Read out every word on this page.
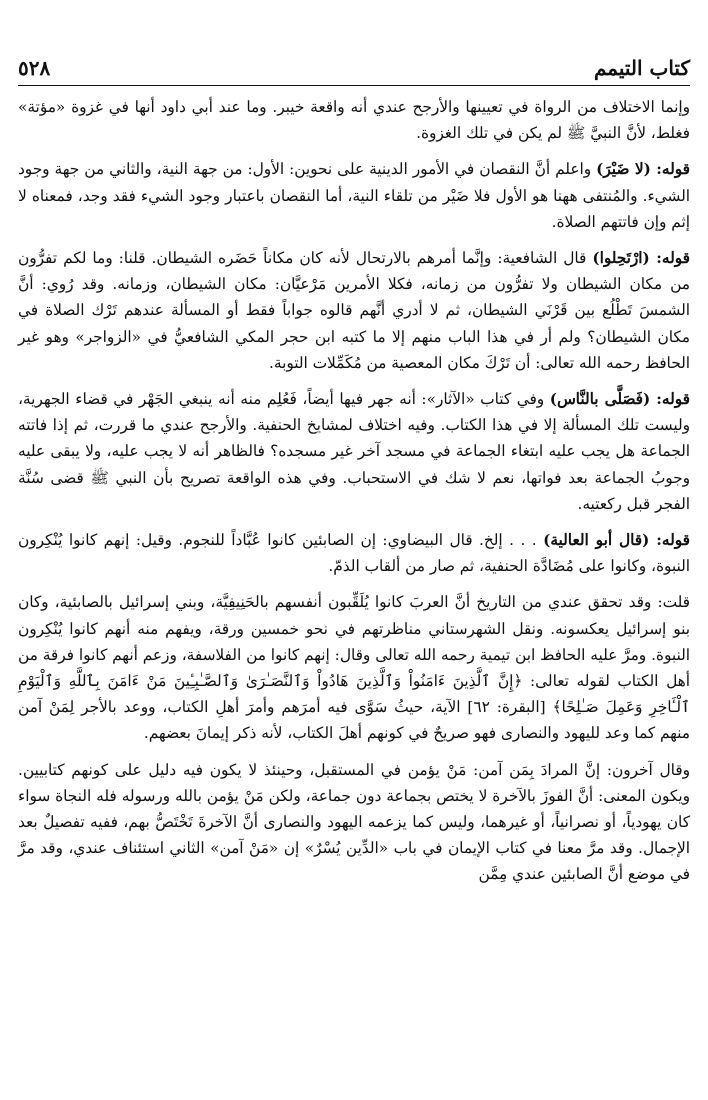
كتاب التيمم
٥٢٨

وإنما الاختلاف من الرواة في تعيينها والأرجح عندي أنه واقعة خيبر. وما عند أبي داود أنها في غزوة «مؤتة» فغلط، لأنَّ النبيَّ ﷺ لم يكن في تلك الغزوة.

قوله: (لا ضَيْرَ) واعلم أنَّ النقصان في الأمور الدينية على نحوين: الأول: من جهة النية، والثاني من جهة وجود الشيء. والمُنتفى ههنا هو الأول فلا ضَيْر من تلقاء النية، أما النقصان باعتبار وجود الشيء فقد وجد، فمعناه لا إثم وإن فاتتهم الصلاة.

قوله: (ارْتَحِلوا) قال الشافعية: وإنَّما أمرهم بالارتحال لأنه كان مكاناً حَضَره الشيطان. قلنا: وما لكم تفرُّون من مكان الشيطان ولا تفرُّون من زمانه، فكلا الأمرين مَرْعيَّان: مكان الشيطان، وزمانه. وقد رُوي: أنَّ الشمسَ تَطْلُع بين قَرْنَي الشيطان، ثم لا أدري أنَّهم قالوه جواباً فقط أو المسألة عندهم تَرْك الصلاة في مكان الشيطان؟ ولم أر في هذا الباب منهم إلا ما كتبه ابن حجر المكي الشافعيُّ في «الزواجر» وهو غير الحافظ رحمه الله تعالى: أن تَرْكَ مكان المعصية من مُكَمِّلات التوبة.

قوله: (فَصَلَّى بالنَّاس) وفي كتاب «الآثار»: أنه جهر فيها أيضاً، فَعُلِم منه أنه ينبغي الجَهْر في قضاء الجهرية، وليست تلك المسألة إلا في هذا الكتاب. وفيه اختلاف لمشايخ الحنفية. والأرجح عندي ما قررت، ثم إذا فاتته الجماعة هل يجب عليه ابتغاء الجماعة في مسجد آخر غير مسجده؟ فالظاهر أنه لا يجب عليه، ولا يبقى عليه وجوبُ الجماعة بعد فواتها، نعم لا شك في الاستحباب. وفي هذه الواقعة تصريح بأن النبي ﷺ قضى سُنَّة الفجر قبل ركعتيه.

قوله: (قال أبو العالية) . . . إلخ. قال البيضاوي: إن الصابئين كانوا عُبَّاداً للنجوم. وقيل: إنهم كانوا يُنْكِرون النبوة، وكانوا على مُضَادَّة الحنفية، ثم صار من ألقاب الذمّ.

قلت: وقد تحقق عندي من التاريخ أنَّ العربَ كانوا يُلَقِّبون أنفسهم بالحَنِيفِيَّة، وبني إسرائيل بالصابئية، وكان بنو إسرائيل يعكسونه. ونقل الشهرستاني مناظرتهم في نحو خمسين ورقة، ويفهم منه أنهم كانوا يُنْكِرون النبوة. ومرَّ عليه الحافظ ابن تيمية رحمه الله تعالى وقال: إنهم كانوا من الفلاسفة، وزعم أنهم كانوا فرقة من أهل الكتاب لقوله تعالى: ﴿إِنَّ ٱلَّذِينَ ءَامَنُواْ وَٱلَّذِينَ هَادُواْ وَٱلنَّصَـٰرَىٰ وَٱلصَّـٰبِـِٔينَ مَنْ ءَامَنَ بِٱللَّهِ وَٱلْيَوْمِ ٱلْـَٔاخِرِ وَعَمِلَ صَـٰلِحًا﴾ [البقرة: ٦٢] الآية، حيثُ سَوَّى فيه أمرَهم وأمرَ أهلِ الكتاب، ووعد بالأجر لِمَنْ آمن منهم كما وعد لليهود والنصارى فهو صريحٌ في كونهم أهلَ الكتاب، لأنه ذكر إيمانَ بعضهم.

وقال آخرون: إنَّ المرادَ بِمَن آمن: مَنْ يؤمن في المستقبل، وحينئذ لا يكون فيه دليل على كونهم كتابيين. ويكون المعنى: أنَّ الفوزَ بالآخرة لا يختص بجماعة دون جماعة، ولكن مَنْ يؤمن بالله ورسوله فله النجاة سواء كان يهودياً، أو نصرانياً، أو غيرهما، وليس كما يزعمه اليهود والنصارى أنَّ الآخرةَ تَخْتَصُّ بهم، ففيه تفصيلٌ بعد الإجمال. وقد مرَّ معنا في كتاب الإيمان في باب «الدِّين يُسْرٌ» إن «مَنْ آمن» الثاني استئناف عندي، وقد مرَّ في موضع أنَّ الصابئين عندي مِمَّن
